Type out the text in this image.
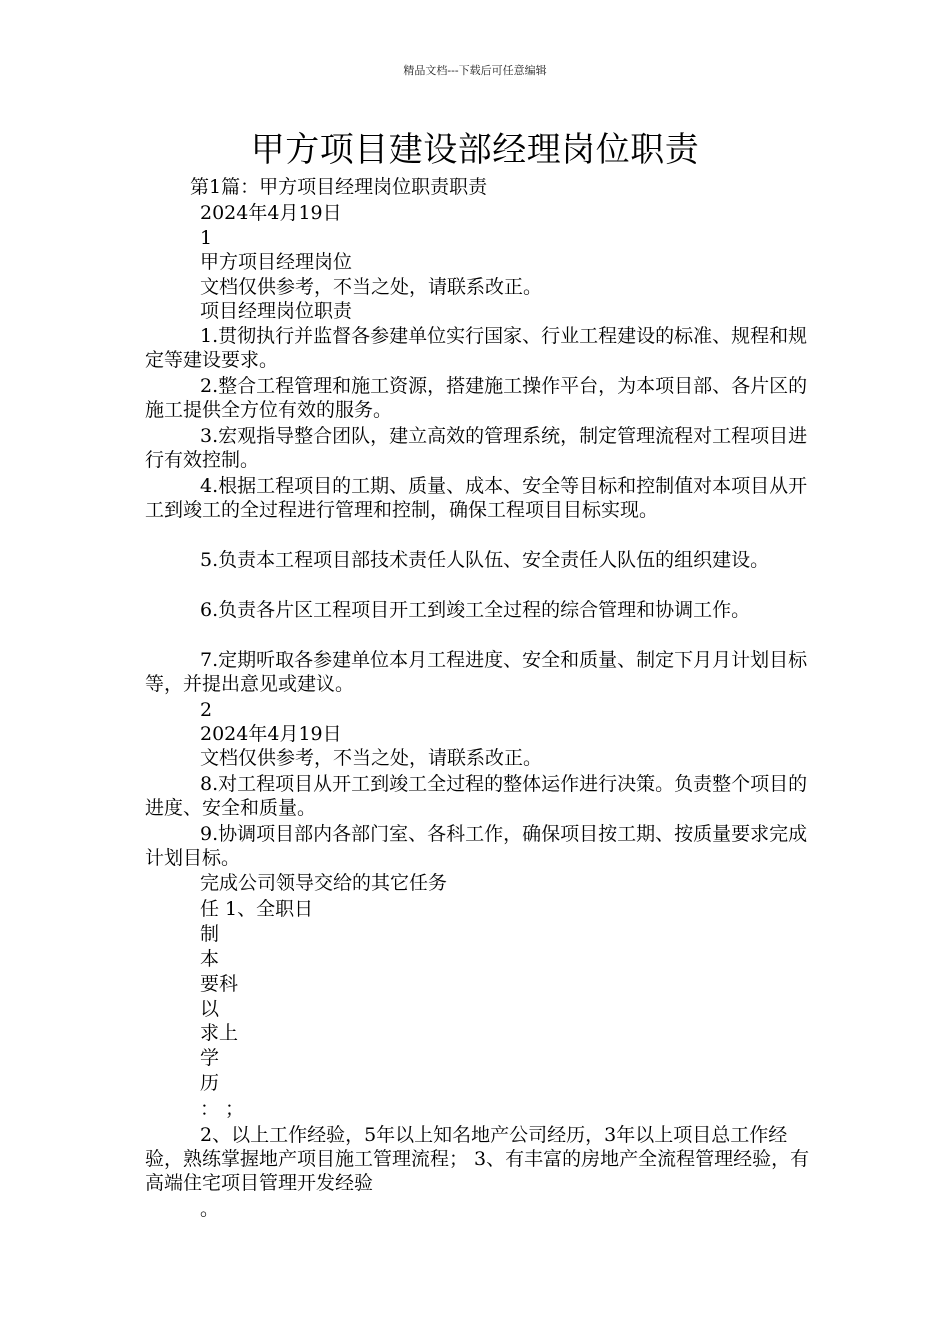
精品文档---下载后可任意编辑
甲方项目建设部经理岗位职责
第1篇：甲方项目经理岗位职责职责
2024年4月19日
1
甲方项目经理岗位
文档仅供参考，不当之处，请联系改正。
项目经理岗位职责
1.贯彻执行并监督各参建单位实行国家、行业工程建设的标准、规程和规定等建设要求。
2.整合工程管理和施工资源，搭建施工操作平台，为本项目部、各片区的施工提供全方位有效的服务。
3.宏观指导整合团队，建立高效的管理系统，制定管理流程对工程项目进行有效控制。
4.根据工程项目的工期、质量、成本、安全等目标和控制值对本项目从开工到竣工的全过程进行管理和控制，确保工程项目目标实现。
5.负责本工程项目部技术责任人队伍、安全责任人队伍的组织建设。
6.负责各片区工程项目开工到竣工全过程的综合管理和协调工作。
7.定期听取各参建单位本月工程进度、安全和质量、制定下月月计划目标等，并提出意见或建议。
2
2024年4月19日
文档仅供参考，不当之处，请联系改正。
8.对工程项目从开工到竣工全过程的整体运作进行决策。负责整个项目的进度、安全和质量。
9.协调项目部内各部门室、各科工作，确保项目按工期、按质量要求完成计划目标。
完成公司领导交给的其它任务
任 1、全职日
制
本
要科
以
求上
学
历
： ；
2、以上工作经验，5年以上知名地产公司经历，3年以上项目总工作经验，熟练掌握地产项目施工管理流程； 3、有丰富的房地产全流程管理经验，有高端住宅项目管理开发经验
。
